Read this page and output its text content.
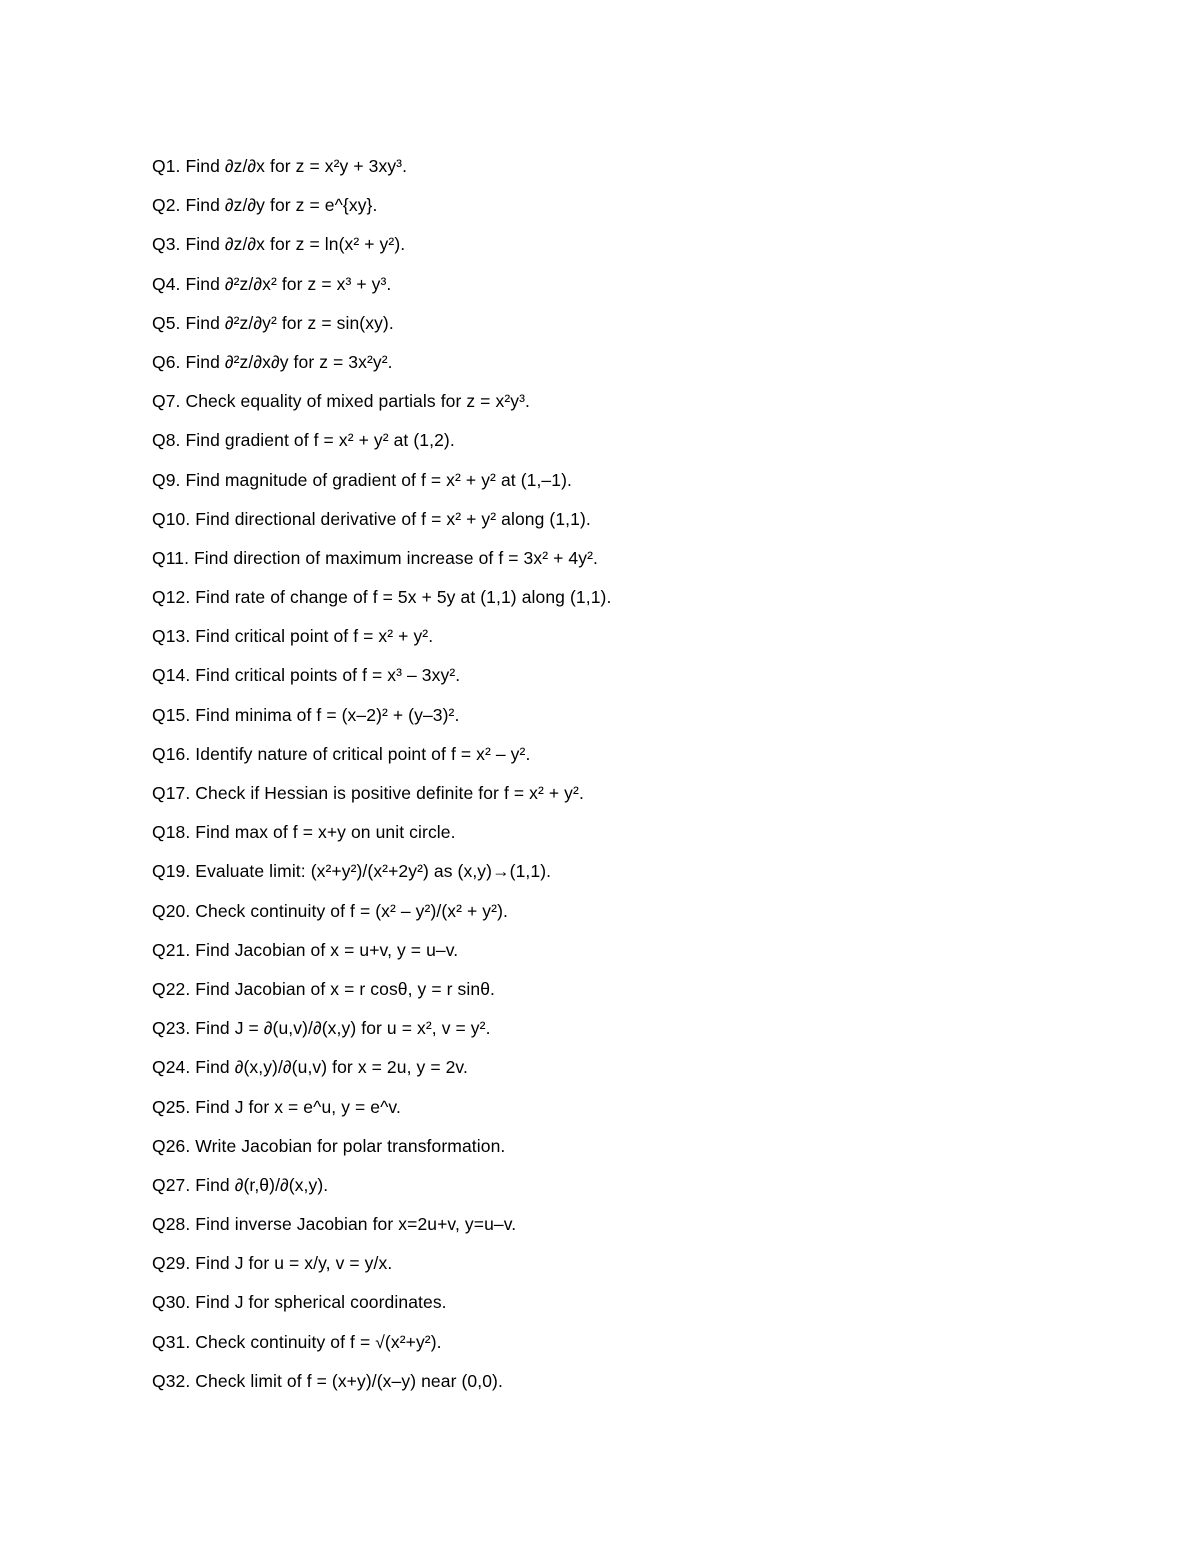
Q1. Find ∂z/∂x for z = x²y + 3xy³.
Q2. Find ∂z/∂y for z = e^{xy}.
Q3. Find ∂z/∂x for z = ln(x² + y²).
Q4. Find ∂²z/∂x² for z = x³ + y³.
Q5. Find ∂²z/∂y² for z = sin(xy).
Q6. Find ∂²z/∂x∂y for z = 3x²y².
Q7. Check equality of mixed partials for z = x²y³.
Q8. Find gradient of f = x² + y² at (1,2).
Q9. Find magnitude of gradient of f = x² + y² at (1,–1).
Q10. Find directional derivative of f = x² + y² along (1,1).
Q11. Find direction of maximum increase of f = 3x² + 4y².
Q12. Find rate of change of f = 5x + 5y at (1,1) along (1,1).
Q13. Find critical point of f = x² + y².
Q14. Find critical points of f = x³ – 3xy².
Q15. Find minima of f = (x–2)² + (y–3)².
Q16. Identify nature of critical point of f = x² – y².
Q17. Check if Hessian is positive definite for f = x² + y².
Q18. Find max of f = x+y on unit circle.
Q19. Evaluate limit: (x²+y²)/(x²+2y²) as (x,y)→(1,1).
Q20. Check continuity of f = (x² – y²)/(x² + y²).
Q21. Find Jacobian of x = u+v, y = u–v.
Q22. Find Jacobian of x = r cosθ, y = r sinθ.
Q23. Find J = ∂(u,v)/∂(x,y) for u = x², v = y².
Q24. Find ∂(x,y)/∂(u,v) for x = 2u, y = 2v.
Q25. Find J for x = e^u, y = e^v.
Q26. Write Jacobian for polar transformation.
Q27. Find ∂(r,θ)/∂(x,y).
Q28. Find inverse Jacobian for x=2u+v, y=u–v.
Q29. Find J for u = x/y, v = y/x.
Q30. Find J for spherical coordinates.
Q31. Check continuity of f = √(x²+y²).
Q32. Check limit of f = (x+y)/(x–y) near (0,0).
